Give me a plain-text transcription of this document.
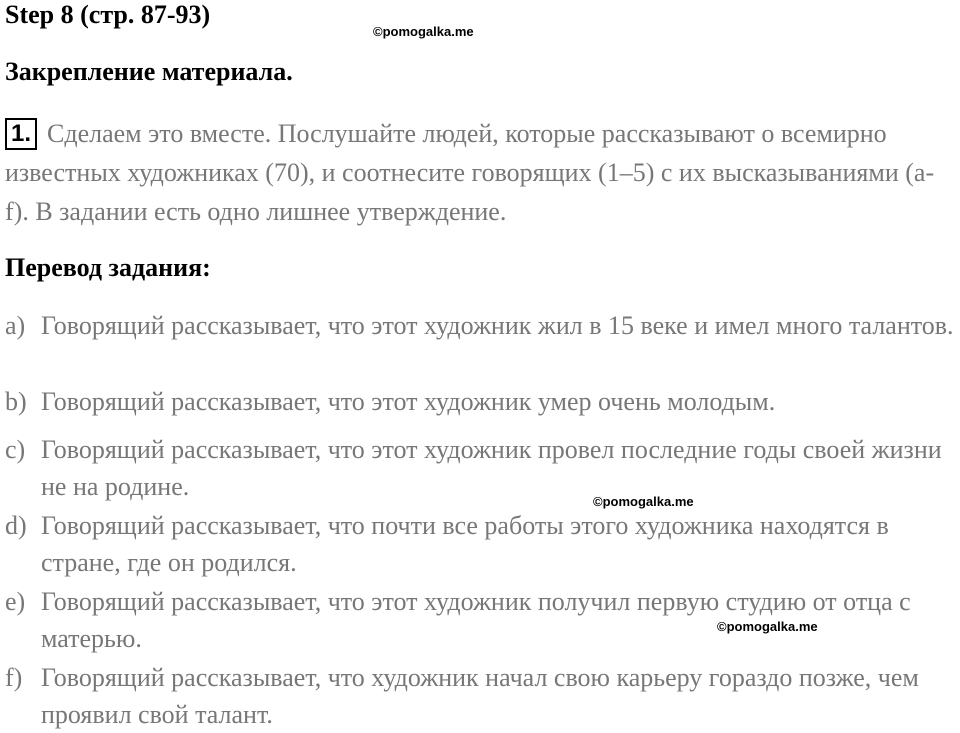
Step 8 (стр. 87-93)
©pomogalka.me
Закрепление материала.

1. Сделаем это вместе. Послушайте людей, которые рассказывают о всемирно известных художниках (70), и соотнесите говорящих (1–5) с их высказываниями (a-f). В задании есть одно лишнее утверждение.

Перевод задания:
a) Говорящий рассказывает, что этот художник жил в 15 веке и имел много талантов.
b) Говорящий рассказывает, что этот художник умер очень молодым.
c) Говорящий рассказывает, что этот художник провел последние годы своей жизни не на родине.
d) Говорящий рассказывает, что почти все работы этого художника находятся в стране, где он родился.
e) Говорящий рассказывает, что этот художник получил первую студию от отца с матерью.
f) Говорящий рассказывает, что художник начал свою карьеру гораздо позже, чем проявил свой талант.
©pomogalka.me
©pomogalka.me
